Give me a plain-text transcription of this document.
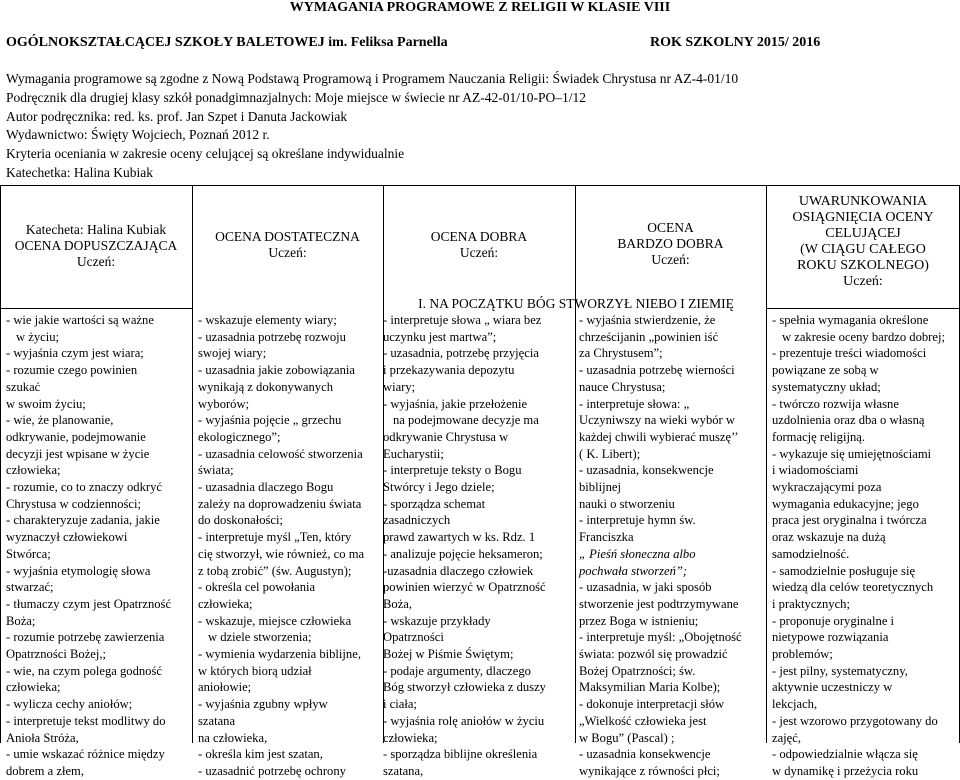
WYMAGANIA PROGRAMOWE Z RELIGII W KLASIE VIII
OGÓLNOKSZTAŁCĄCEJ SZKOŁY BALETOWEJ im. Feliksa Parnella	ROK SZKOLNY 2015/ 2016
Wymagania programowe są zgodne z Nową Podstawą Programową i Programem Nauczania Religii: Świadek Chrystusa nr AZ-4-01/10
Podręcznik dla drugiej klasy szkół ponadgimnazjalnych: Moje miejsce w świecie nr AZ-42-01/10-PO–1/12
Autor podręcznika: red. ks. prof. Jan Szpet i Danuta Jackowiak
Wydawnictwo: Święty Wojciech, Poznań 2012 r.
Kryteria oceniania w zakresie oceny celującej są określane indywidualnie
Katechetka: Halina Kubiak
Katecheta: Halina Kubiak
OCENA DOPUSZCZAJĄCA
Uczeń:
OCENA DOSTATECZNA
Uczeń:
OCENA DOBRA
Uczeń:
OCENA
BARDZO DOBRA
Uczeń:
UWARUNKOWANIA
OSIĄGNIĘCIA OCENY
CELUJĄCEJ
(W CIĄGU CAŁEGO
ROKU SZKOLNEGO)
Uczeń:
I. NA POCZĄTKU BÓG STWORZYŁ NIEBO I ZIEMIĘ
- wie jakie wartości są ważne
w życiu;
- wyjaśnia czym jest wiara;
- rozumie czego powinien
szukać
w swoim życiu;
- wie, że planowanie,
odkrywanie, podejmowanie
decyzji jest wpisane w życie
człowieka;
- rozumie, co to znaczy odkryć
Chrystusa w codzienności;
- charakteryzuje zadania, jakie
wyznaczył człowiekowi
Stwórca;
- wyjaśnia etymologię słowa
stwarzać;
- tłumaczy czym jest Opatrzność
Boża;
- rozumie potrzebę zawierzenia
Opatrzności Bożej,;
- wie, na czym polega godność
człowieka;
- wylicza cechy aniołów;
- interpretuje tekst modlitwy do
Anioła Stróża,
- umie wskazać różnice między
dobrem a złem,
- wskazuje elementy wiary;
- uzasadnia potrzebę rozwoju
swojej wiary;
- uzasadnia jakie zobowiązania
wynikają z dokonywanych
wyborów;
- wyjaśnia pojęcie „ grzechu
ekologicznego”;
- uzasadnia celowość stworzenia
świata;
- uzasadnia dlaczego Bogu
zależy na doprowadzeniu świata
do doskonałości;
- interpretuje myśl „Ten, który
cię stworzył, wie również, co ma
z tobą zrobić” (św. Augustyn);
- określa cel powołania
człowieka;
- wskazuje, miejsce człowieka
w dziele stworzenia;
- wymienia wydarzenia biblijne,
w których biorą udział
aniołowie;
- wyjaśnia zgubny wpływ
szatana
na człowieka,
- określa kim jest szatan,
- uzasadnić potrzebę ochrony
- interpretuje słowa „ wiara bez
uczynku jest martwa”;
- uzasadnia, potrzebę przyjęcia
i przekazywania depozytu
wiary;
- wyjaśnia, jakie przełożenie
na podejmowane decyzje ma
odkrywanie Chrystusa w
Eucharystii;
- interpretuje teksty o Bogu
Stwórcy i Jego dziele;
- sporządza schemat
zasadniczych
prawd zawartych w ks. Rdz. 1
- analizuje pojęcie heksameron;
-uzasadnia dlaczego człowiek
powinien wierzyć w Opatrzność
Boża,
- wskazuje przykłady
Opatrzności
Bożej w Piśmie Świętym;
- podaje argumenty, dlaczego
Bóg stworzył człowieka z duszy
i ciała;
- wyjaśnia rolę aniołów w życiu
człowieka;
- sporządza biblijne określenia
szatana,
- wyjaśnia stwierdzenie, że
chrześcijanin „powinien iść
za Chrystusem”;
- uzasadnia potrzebę wierności
nauce Chrystusa;
- interpretuje słowa: „
Uczyniwszy na wieki wybór w
każdej chwili wybierać muszę’’
( K. Libert);
- uzasadnia, konsekwencje
biblijnej
nauki o stworzeniu
- interpretuje hymn św.
Franciszka
„ Pieśń słoneczna albo
pochwała stworzeń”;
- uzasadnia, w jaki sposób
stworzenie jest podtrzymywane
przez Boga w istnieniu;
- interpretuje myśl: „Obojętność
świata: pozwól się prowadzić
Bożej Opatrzności; św.
Maksymilian Maria Kolbe);
- dokonuje interpretacji słów
„Wielkość człowieka jest
w Bogu” (Pascal) ;
- uzasadnia konsekwencje
wynikające z równości płci;
- spełnia wymagania określone
w zakresie oceny bardzo dobrej;
- prezentuje treści wiadomości
powiązane ze sobą w
systematyczny układ;
- twórczo rozwija własne
uzdolnienia oraz dba o własną
formację religijną.
- wykazuje się umiejętnościami
i wiadomościami
wykraczającymi poza
wymagania edukacyjne; jego
praca jest oryginalna i twórcza
oraz wskazuje na dużą
samodzielność.
- samodzielnie posługuje się
wiedzą dla celów teoretycznych
i praktycznych;
- proponuje oryginalne i
nietypowe rozwiązania
problemów;
- jest pilny, systematyczny,
aktywnie uczestniczy w
lekcjach,
- jest wzorowo przygotowany do
zajęć,
- odpowiedzialnie włącza się
w dynamikę i przeżycia roku
